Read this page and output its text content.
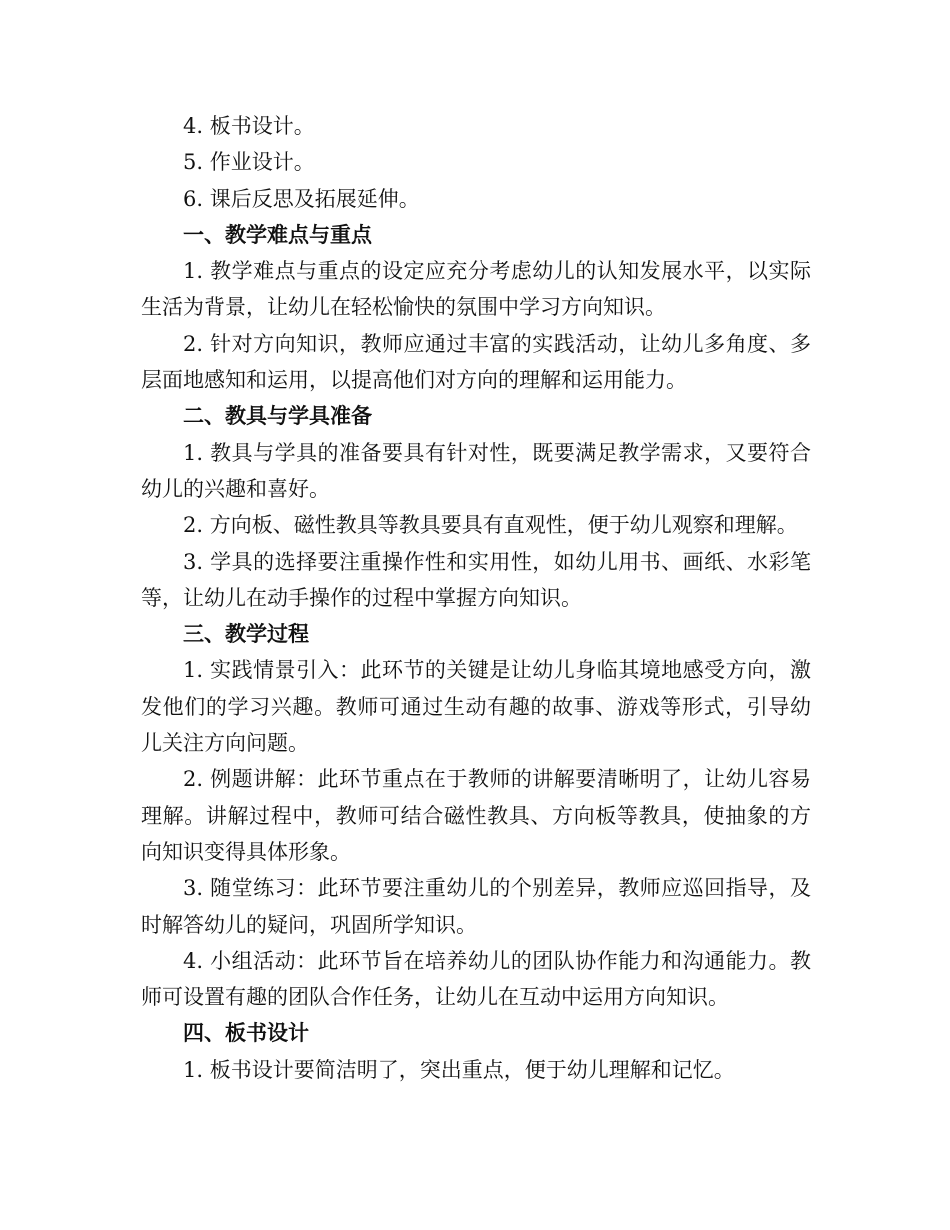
4. 板书设计。

5. 作业设计。

6. 课后反思及拓展延伸。

一、教学难点与重点

1. 教学难点与重点的设定应充分考虑幼儿的认知发展水平，以实际生活为背景，让幼儿在轻松愉快的氛围中学习方向知识。

2. 针对方向知识，教师应通过丰富的实践活动，让幼儿多角度、多层面地感知和运用，以提高他们对方向的理解和运用能力。

二、教具与学具准备

1. 教具与学具的准备要具有针对性，既要满足教学需求，又要符合幼儿的兴趣和喜好。

2. 方向板、磁性教具等教具要具有直观性，便于幼儿观察和理解。

3. 学具的选择要注重操作性和实用性，如幼儿用书、画纸、水彩笔等，让幼儿在动手操作的过程中掌握方向知识。

三、教学过程

1. 实践情景引入：此环节的关键是让幼儿身临其境地感受方向，激发他们的学习兴趣。教师可通过生动有趣的故事、游戏等形式，引导幼儿关注方向问题。

2. 例题讲解：此环节重点在于教师的讲解要清晰明了，让幼儿容易理解。讲解过程中，教师可结合磁性教具、方向板等教具，使抽象的方向知识变得具体形象。

3. 随堂练习：此环节要注重幼儿的个别差异，教师应巡回指导，及时解答幼儿的疑问，巩固所学知识。

4. 小组活动：此环节旨在培养幼儿的团队协作能力和沟通能力。教师可设置有趣的团队合作任务，让幼儿在互动中运用方向知识。

四、板书设计

1. 板书设计要简洁明了，突出重点，便于幼儿理解和记忆。
